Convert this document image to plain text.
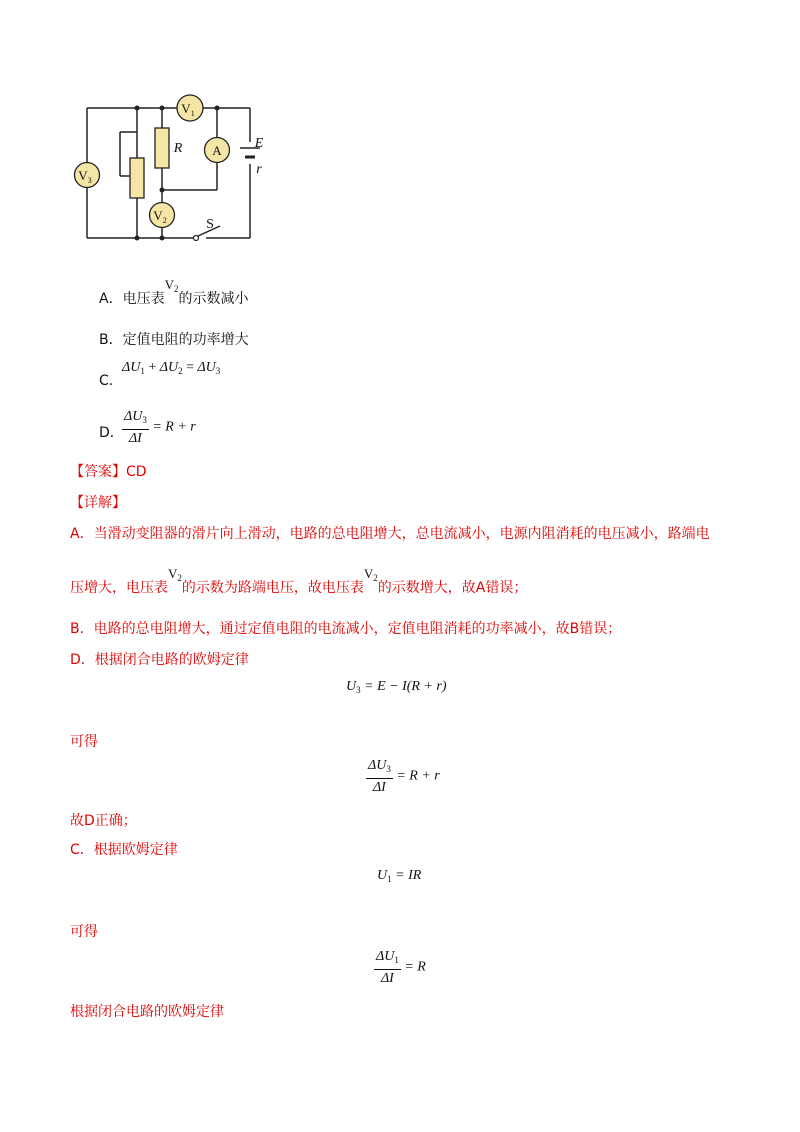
$V_1$
$V_3$
$V_2$
A
R	E
r
S
A．电压表$V_2$的示数减小
B．定值电阻的功率增大
C．
$\Delta U_1 + \Delta U_2 = \Delta U_3$
D．
$\frac{\Delta U_3}{\Delta I} = R + r$
【答案】CD
【详解】
A．当滑动变阻器的滑片向上滑动，电路的总电阻增大，总电流减小，电源内阻消耗的电压减小，路端电
压增大，电压表$V_2$的示数为路端电压，故电压表$V_2$的示数增大，故A错误；
B．电路的总电阻增大，通过定值电阻的电流减小，定值电阻消耗的功率减小，故B错误；
D．根据闭合电路的欧姆定律
$U_3 = E - I(R + r)$
可得
$\frac{\Delta U_3}{\Delta I} = R + r$
故D正确；
C．根据欧姆定律
$U_1$ = IR
可得
$\frac{\Delta U_1}{\Delta I} = R$
根据闭合电路的欧姆定律
